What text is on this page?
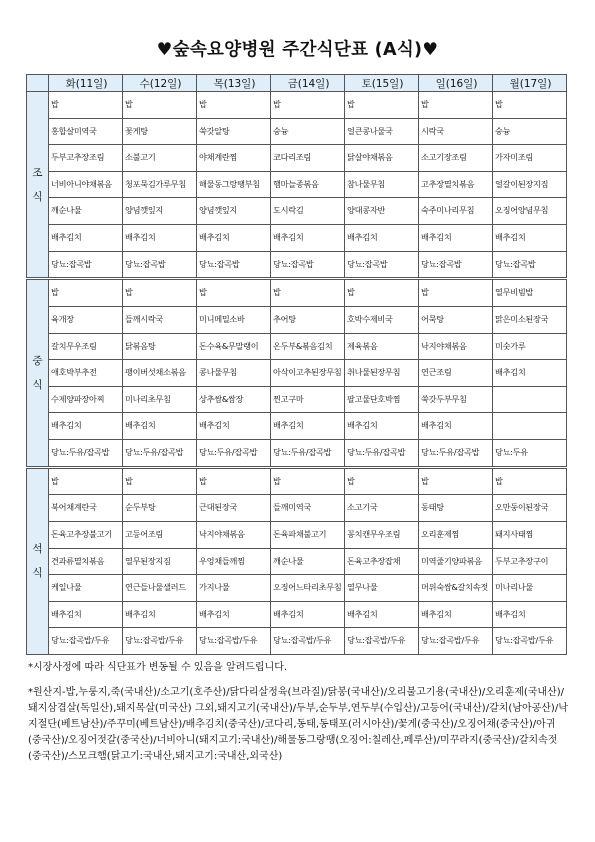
♥숲속요양병원 주간식단표 (A식)♥
	화(11일)	수(12일)	목(13일)	금(14일)	토(15일)	일(16일)	월(17일)

조
식	밥	밥	밥	밥	밥	밥	밥
	홍합살미역국	꽃게탕	쑥갓알탕	숭늉	얼큰콩나물국	시락국	숭늉
	두부고추장조림	소불고기	야채계란찜	코다리조림	닭살야채볶음	소고기장조림	가자미조림
	너비아니야채볶음	청포묵김가루무침	해물동그랑땡부침	햄마늘종볶음	참나물무침	고추장멸치볶음	얼갈이된장지짐
	깨순나물	양념깻잎지	양념깻잎지	도시락김	양대콩자반	숙주미나리무침	오징어양념무침
	배추김치	배추김치	배추김치	배추김치	배추김치	배추김치	배추김치
	당뇨:잡곡밥	당뇨:잡곡밥	당뇨:잡곡밥	당뇨:잡곡밥	당뇨:잡곡밥	당뇨:잡곡밥	당뇨:잡곡밥

중
식	밥	밥	밥	밥	밥	밥	열무비빔밥
	육개장	들깨시락국	미니메밀소바	추어탕	호박수제비국	어묵탕	맑은미소된장국
	갈치무우조림	닭볶음탕	돈수육&무말랭이	온두부&볶음김치	제육볶음	낙지야채볶음	미숫가루
	애호박부추전	팽이버섯채소볶음	콩나물무침	아삭이고추된장무침	취나물된장무침	연근조림	배추김치
	수제양파장아찌	미나리초무침	상추쌈&쌈장	찐고구마	팔고물단호박찜	쑥갓두부무침	
	배추김치	배추김치	배추김치	배추김치	배추김치	배추김치	
	당뇨:두유/잡곡밥	당뇨:두유/잡곡밥	당뇨:두유/잡곡밥	당뇨:두유/잡곡밥	당뇨:두유/잡곡밥	당뇨:두유/잡곡밥	당뇨:두유

석
식	밥	밥	밥	밥	밥	밥	밥
	북어채계란국	순두부탕	근대된장국	들깨미역국	소고기국	동태탕	오만둥이된장국
	돈육고추장불고기	고등어조림	낙지야채볶음	돈육파채불고기	꽁치캔무우조림	오리훈제찜	돼지사태찜
	견과류멸치볶음	열무된장지짐	우엉채들깨찜	깨순나물	돈육고추장잡채	미역줄기양파볶음	두부고추장구이
	케일나물	연근들나물샐러드	가지나물	오징어느타리초무침	열무나물	머위숙쌈&갈치속젓	미나리나물
	배추김치	배추김치	배추김치	배추김치	배추김치	배추김치	배추김치
	당뇨:잡곡밥/두유	당뇨:잡곡밥/두유	당뇨:잡곡밥/두유	당뇨:잡곡밥/두유	당뇨:잡곡밥/두유	당뇨:잡곡밥/두유	당뇨:잡곡밥/두유

*시장사정에 따라 식단표가 변동될 수 있음을 알려드립니다.

*원산지-밥,누룽지,죽(국내산)/소고기(호주산)/닭다리살정육(브라질)/닭봉(국내산)/오리불고기용(국내산)/오리훈제(국내산)/돼지삼겹살(독일산),돼지목살(미국산) 그외,돼지고기(국내산)/두부,순두부,연두부(수입산)/고등어(국내산)/갈치(남아공산)/낙지절단(베트남산)/주꾸미(베트남산)/배추김치(중국산)/코다리,동태,동태포(러시아산)/꽃게(중국산)/오징어채(중국산)/아귀(중국산)/오징어젓갈(중국산)/너비아니(돼지고기:국내산)/해물동그랑땡(오징어:칠레산,페루산)/미꾸라지(중국산)/갈치속젓(중국산)/스모크햄(닭고기:국내산,돼지고기:국내산,외국산)
